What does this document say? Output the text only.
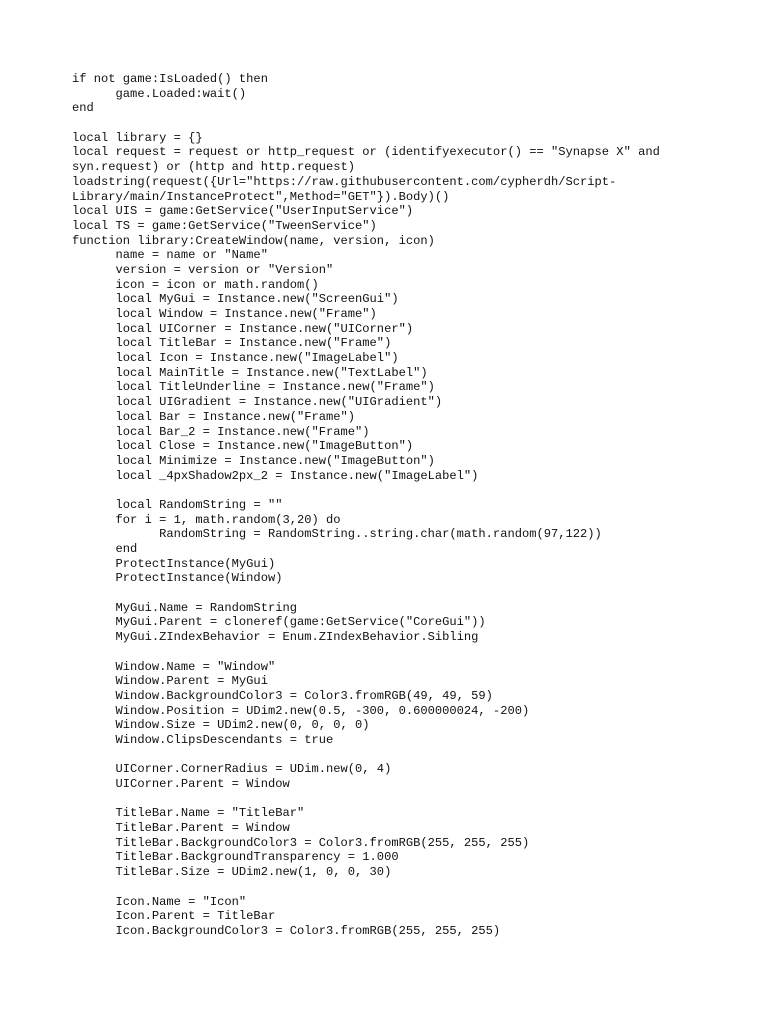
if not game:IsLoaded() then
game.Loaded:wait()
end
local library = {}
local request = request or http_request or (identifyexecutor() == "Synapse X" and
syn.request) or (http and http.request)
loadstring(request({Url="https://raw.githubusercontent.com/cypherdh/Script-
Library/main/InstanceProtect",Method="GET"}).Body)()
local UIS = game:GetService("UserInputService")
local TS = game:GetService("TweenService")
function library:CreateWindow(name, version, icon)
name = name or "Name"
version = version or "Version"
icon = icon or math.random()
local MyGui = Instance.new("ScreenGui")
local Window = Instance.new("Frame")
local UICorner = Instance.new("UICorner")
local TitleBar = Instance.new("Frame")
local Icon = Instance.new("ImageLabel")
local MainTitle = Instance.new("TextLabel")
local TitleUnderline = Instance.new("Frame")
local UIGradient = Instance.new("UIGradient")
local Bar = Instance.new("Frame")
local Bar_2 = Instance.new("Frame")
local Close = Instance.new("ImageButton")
local Minimize = Instance.new("ImageButton")
local _4pxShadow2px_2 = Instance.new("ImageLabel")
local RandomString = ""
for i = 1, math.random(3,20) do
RandomString = RandomString..string.char(math.random(97,122))
end
ProtectInstance(MyGui)
ProtectInstance(Window)
MyGui.Name = RandomString
MyGui.Parent = cloneref(game:GetService("CoreGui"))
MyGui.ZIndexBehavior = Enum.ZIndexBehavior.Sibling
Window.Name = "Window"
Window.Parent = MyGui
Window.BackgroundColor3 = Color3.fromRGB(49, 49, 59)
Window.Position = UDim2.new(0.5, -300, 0.600000024, -200)
Window.Size = UDim2.new(0, 0, 0, 0)
Window.ClipsDescendants = true
UICorner.CornerRadius = UDim.new(0, 4)
UICorner.Parent = Window
TitleBar.Name = "TitleBar"
TitleBar.Parent = Window
TitleBar.BackgroundColor3 = Color3.fromRGB(255, 255, 255)
TitleBar.BackgroundTransparency = 1.000
TitleBar.Size = UDim2.new(1, 0, 0, 30)
Icon.Name = "Icon"
Icon.Parent = TitleBar
Icon.BackgroundColor3 = Color3.fromRGB(255, 255, 255)
